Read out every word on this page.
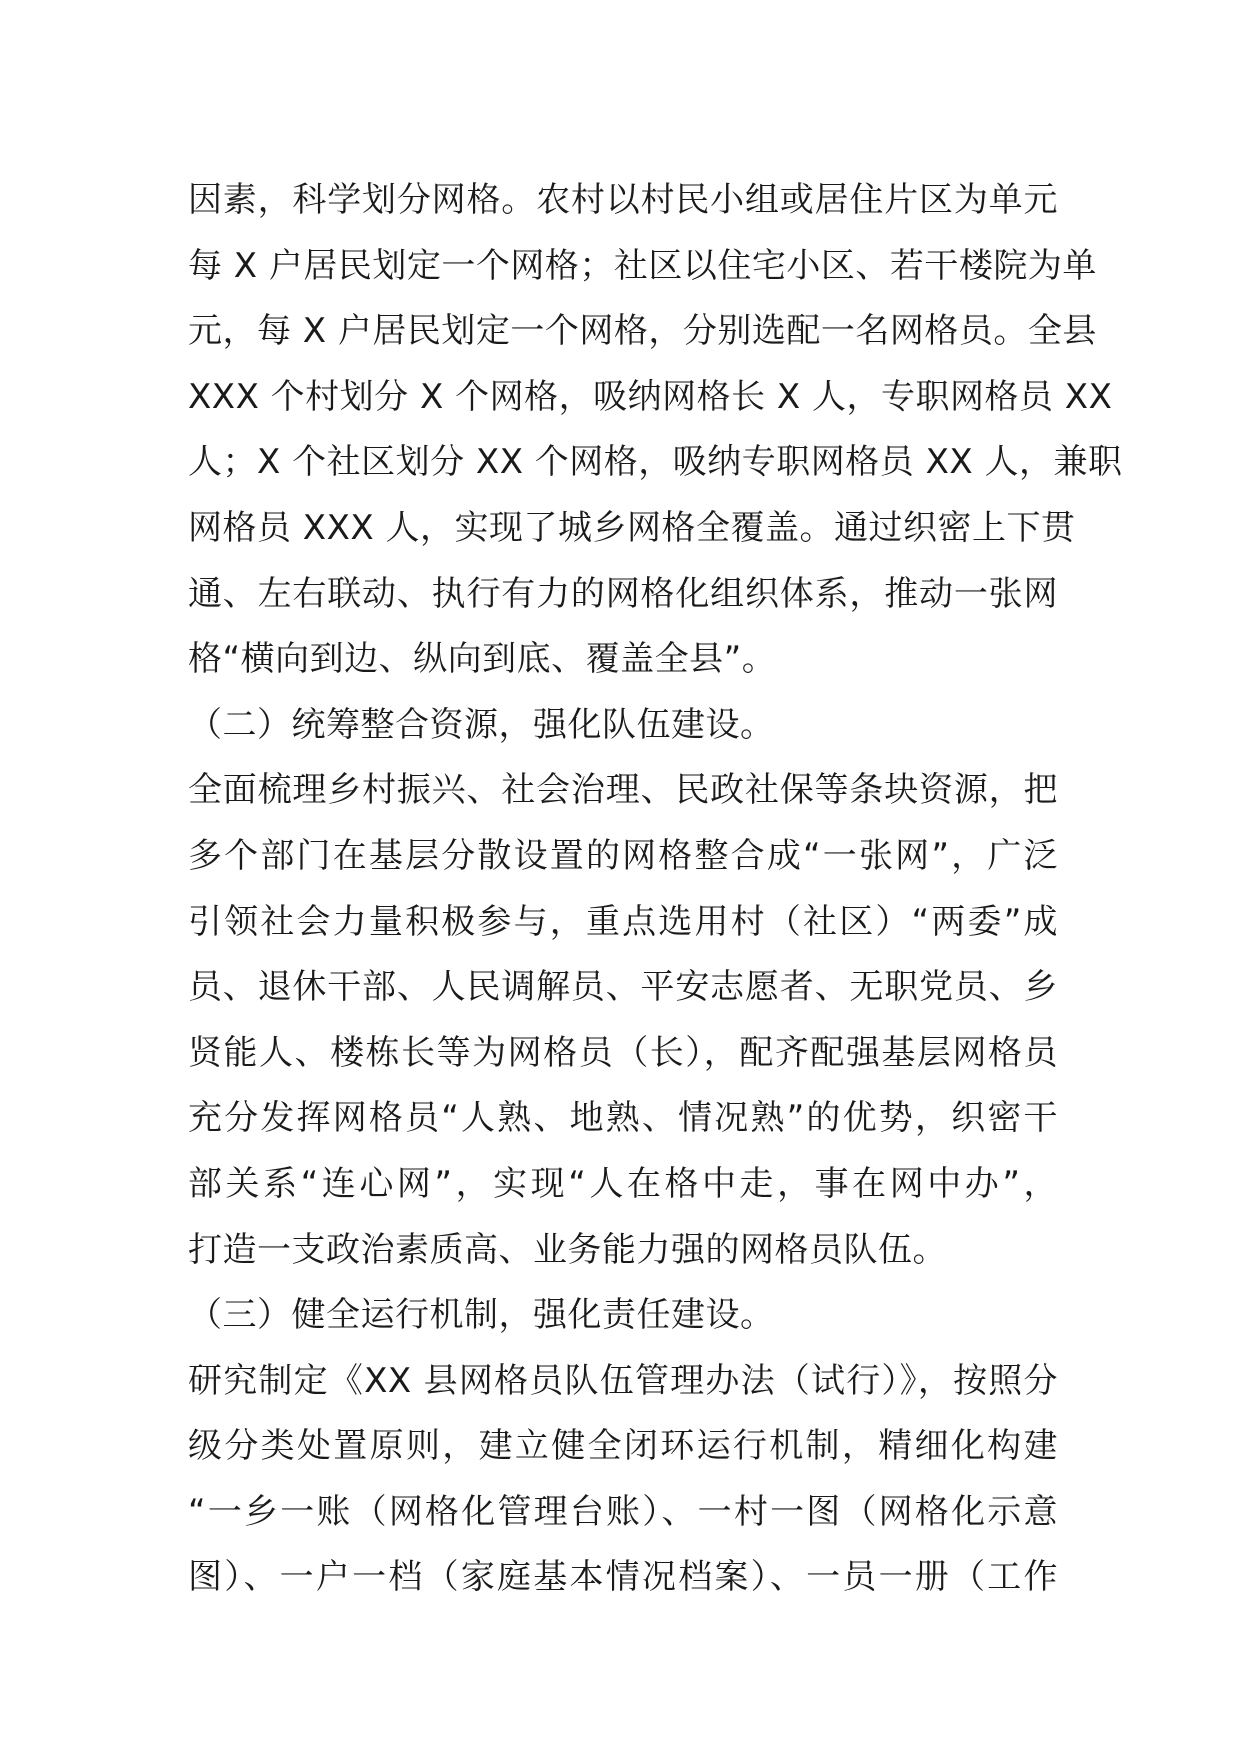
因素，科学划分网格。农村以村民小组或居住片区为单元
每 X 户居民划定一个网格；社区以住宅小区、若干楼院为单
元，每 X 户居民划定一个网格，分别选配一名网格员。全县
XXX 个村划分 X 个网格，吸纳网格长 X 人，专职网格员 XX
人；X 个社区划分 XX 个网格，吸纳专职网格员 XX 人，兼职
网格员 XXX 人，实现了城乡网格全覆盖。通过织密上下贯
通、左右联动、执行有力的网格化组织体系，推动一张网
格“横向到边、纵向到底、覆盖全县”。
（二）统筹整合资源，强化队伍建设。
全面梳理乡村振兴、社会治理、民政社保等条块资源，把
多个部门在基层分散设置的网格整合成“一张网”，广泛
引领社会力量积极参与，重点选用村（社区）“两委”成
员、退休干部、人民调解员、平安志愿者、无职党员、乡
贤能人、楼栋长等为网格员（长），配齐配强基层网格员
充分发挥网格员“人熟、地熟、情况熟”的优势，织密干
部关系“连心网”，实现“人在格中走，事在网中办”，
打造一支政治素质高、业务能力强的网格员队伍。
（三）健全运行机制，强化责任建设。
研究制定《XX 县网格员队伍管理办法（试行）》，按照分
级分类处置原则，建立健全闭环运行机制，精细化构建
“一乡一账（网格化管理台账）、一村一图（网格化示意
图）、一户一档（家庭基本情况档案）、一员一册（工作
